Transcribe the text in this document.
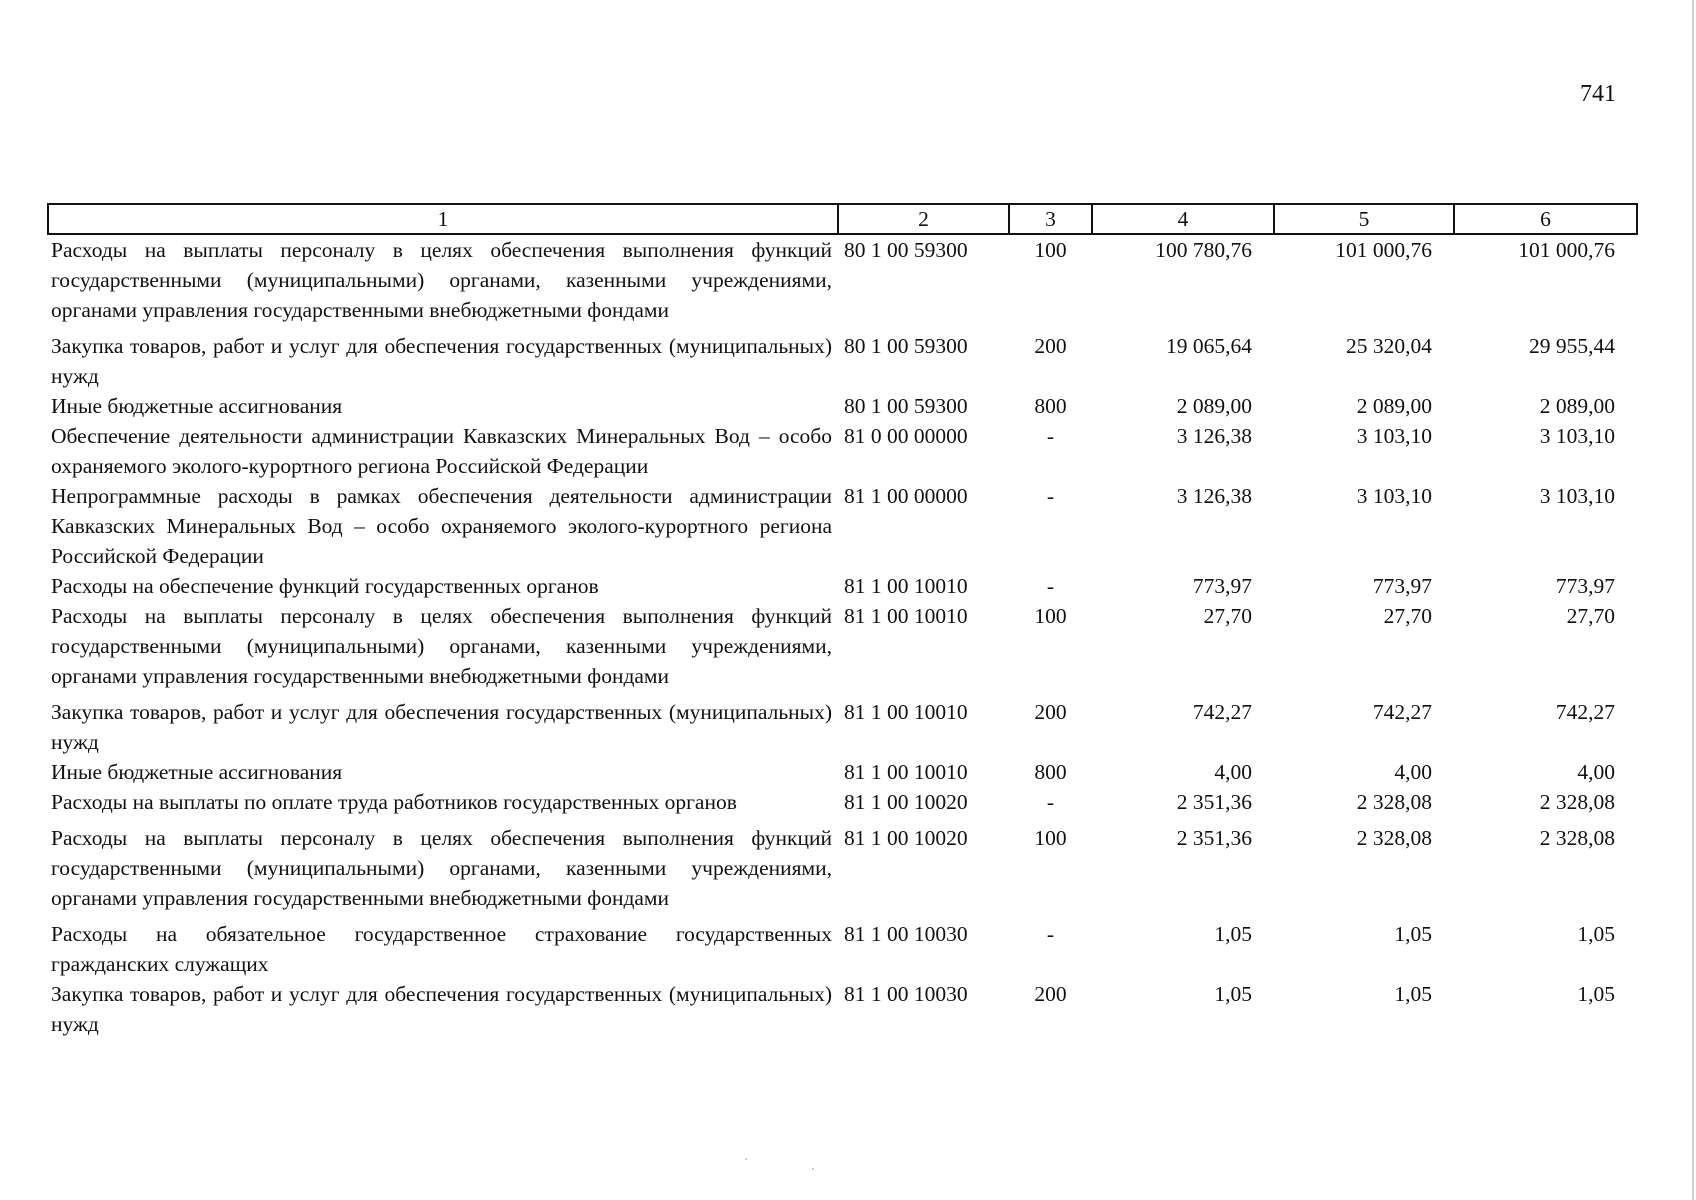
741
1	2	3	4	5	6
Расходы на выплаты персоналу в целях обеспечения выполнения функций государственными (муниципальными) органами, казенными учреждениями, органами управления государственными внебюджетными фондами	80 1 00 59300	100	100 780,76	101 000,76	101 000,76
Закупка товаров, работ и услуг для обеспечения государственных (муниципальных) нужд	80 1 00 59300	200	19 065,64	25 320,04	29 955,44
Иные бюджетные ассигнования	80 1 00 59300	800	2 089,00	2 089,00	2 089,00
Обеспечение деятельности администрации Кавказских Минеральных Вод – особо охраняемого эколого-курортного региона Российской Федерации	81 0 00 00000	-	3 126,38	3 103,10	3 103,10
Непрограммные расходы в рамках обеспечения деятельности администрации Кавказских Минеральных Вод – особо охраняемого эколого-курортного региона Российской Федерации	81 1 00 00000	-	3 126,38	3 103,10	3 103,10
Расходы на обеспечение функций государственных органов	81 1 00 10010	-	773,97	773,97	773,97
Расходы на выплаты персоналу в целях обеспечения выполнения функций государственными (муниципальными) органами, казенными учреждениями, органами управления государственными внебюджетными фондами	81 1 00 10010	100	27,70	27,70	27,70
Закупка товаров, работ и услуг для обеспечения государственных (муниципальных) нужд	81 1 00 10010	200	742,27	742,27	742,27
Иные бюджетные ассигнования	81 1 00 10010	800	4,00	4,00	4,00
Расходы на выплаты по оплате труда работников государственных органов	81 1 00 10020	-	2 351,36	2 328,08	2 328,08
Расходы на выплаты персоналу в целях обеспечения выполнения функций государственными (муниципальными) органами, казенными учреждениями, органами управления государственными внебюджетными фондами	81 1 00 10020	100	2 351,36	2 328,08	2 328,08
Расходы на обязательное государственное страхование государственных гражданских служащих	81 1 00 10030	-	1,05	1,05	1,05
Закупка товаров, работ и услуг для обеспечения государственных (муниципальных) нужд	81 1 00 10030	200	1,05	1,05	1,05
